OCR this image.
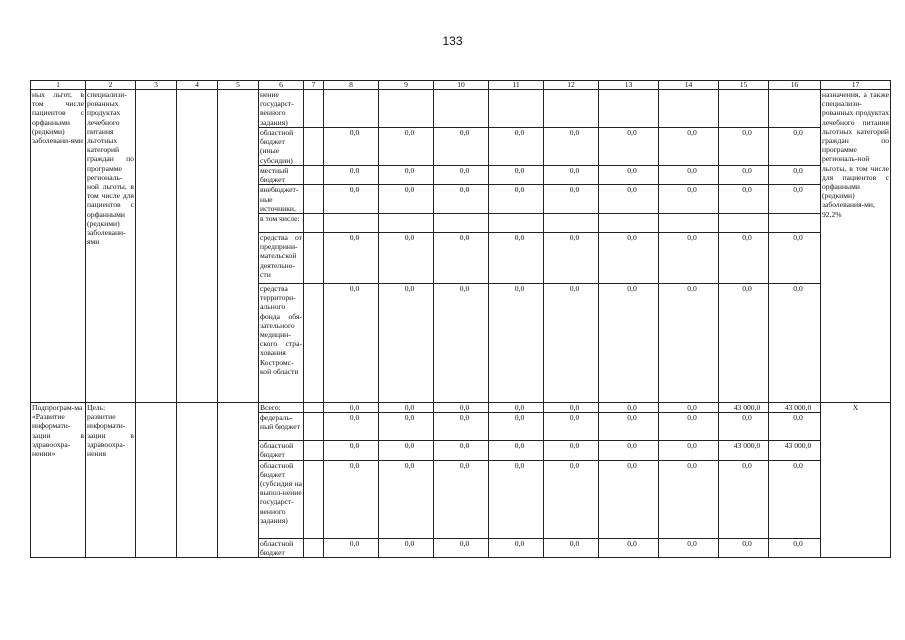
133
1	2	3	4	5	6	7	8	9	10	11	12	13	14	15	16	17
ных льгот, в том числе пациентов с орфанными (редкими) заболевани-ями	специализи-рованных продуктах лечебного питания льготных категорий граждан по программе региональ-ной льготы, в том числе для пациентов с орфанными (редкими) заболевани-ями				нение государст-венного задания)											назначения, а также специализи-рованных продуктах лечебного питания льготных категорий граждан по программе региональ-ной льготы, в том числе для пациентов с орфанными (редкими) заболевания-ми, 92,2%
					областной бюджет (иные субсидии)		0,0	0,0	0,0	0,0	0,0	0,0	0,0	0,0	0,0	
					местный бюджет		0,0	0,0	0,0	0,0	0,0	0,0	0,0	0,0	0,0	
					внебюджет-ные источники,		0,0	0,0	0,0	0,0	0,0	0,0	0,0	0,0	0,0	
					в том числе:											
					средства от предприни-мательской деятельно-сти		0,0	0,0	0,0	0,0	0,0	0,0	0,0	0,0	0,0	
					средства территори-ального фонда обя-зательного медицин-ского стра-хования Костромс-кой области		0,0	0,0	0,0	0,0	0,0	0,0	0,0	0,0	0,0	
Подпрограм-ма «Развитие информати-зации в здравоохра-нении»	Цель: развитие информати-зации в здравоохра-нения				Всего:		0,0	0,0	0,0	0,0	0,0	0,0	0,0	43 000,0	43 000,0	X
					федераль-ный бюджет		0,0	0,0	0,0	0,0	0,0	0,0	0,0	0,0	0,0	
					областной бюджет		0,0	0,0	0,0	0,0	0,0	0,0	0,0	43 000,0	43 000,0	
					областной бюджет (субсидия на выпол-нение государст-венного задания)		0,0	0,0	0,0	0,0	0,0	0,0	0,0	0,0	0,0	
					областной бюджет		0,0	0,0	0,0	0,0	0,0	0,0	0,0	0,0	0,0	
